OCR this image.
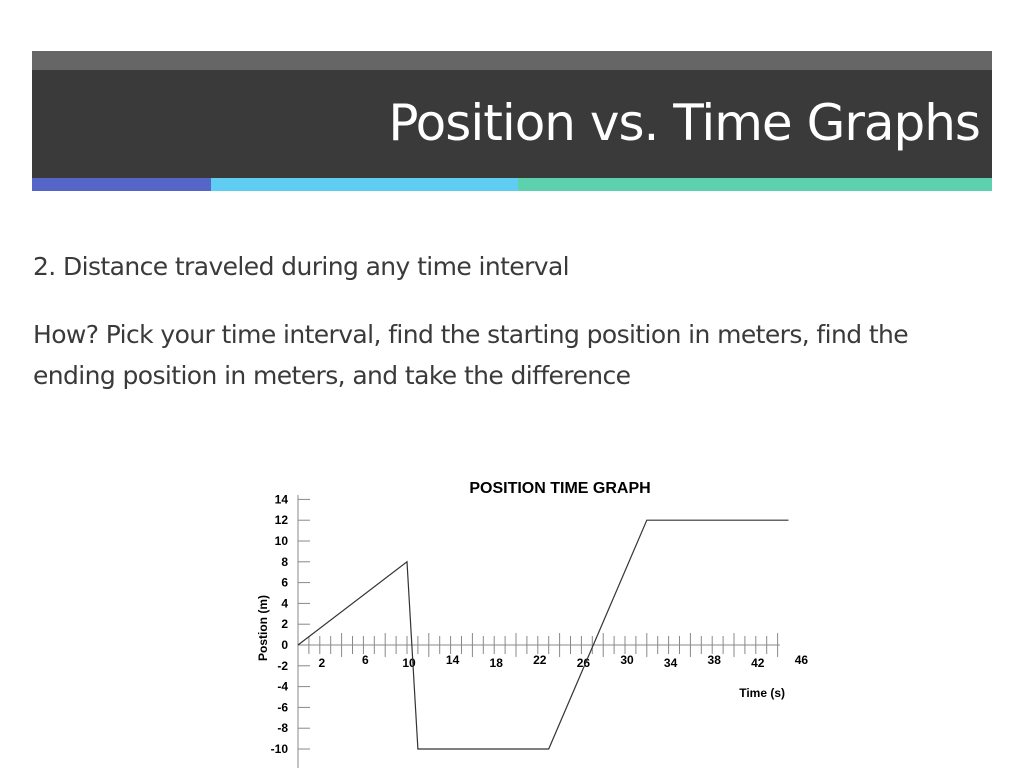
Position vs. Time Graphs
2. Distance traveled during any time interval
How? Pick your time interval, find the starting position in meters, find the ending position in meters, and take the difference
POSITION TIME GRAPH
14
12
10
8
6
4
2
0
-2
-4
-6
-8
-10
2	6	10	14	18	22	26	30	34	38	42	46
Postion (m)
Time (s)
